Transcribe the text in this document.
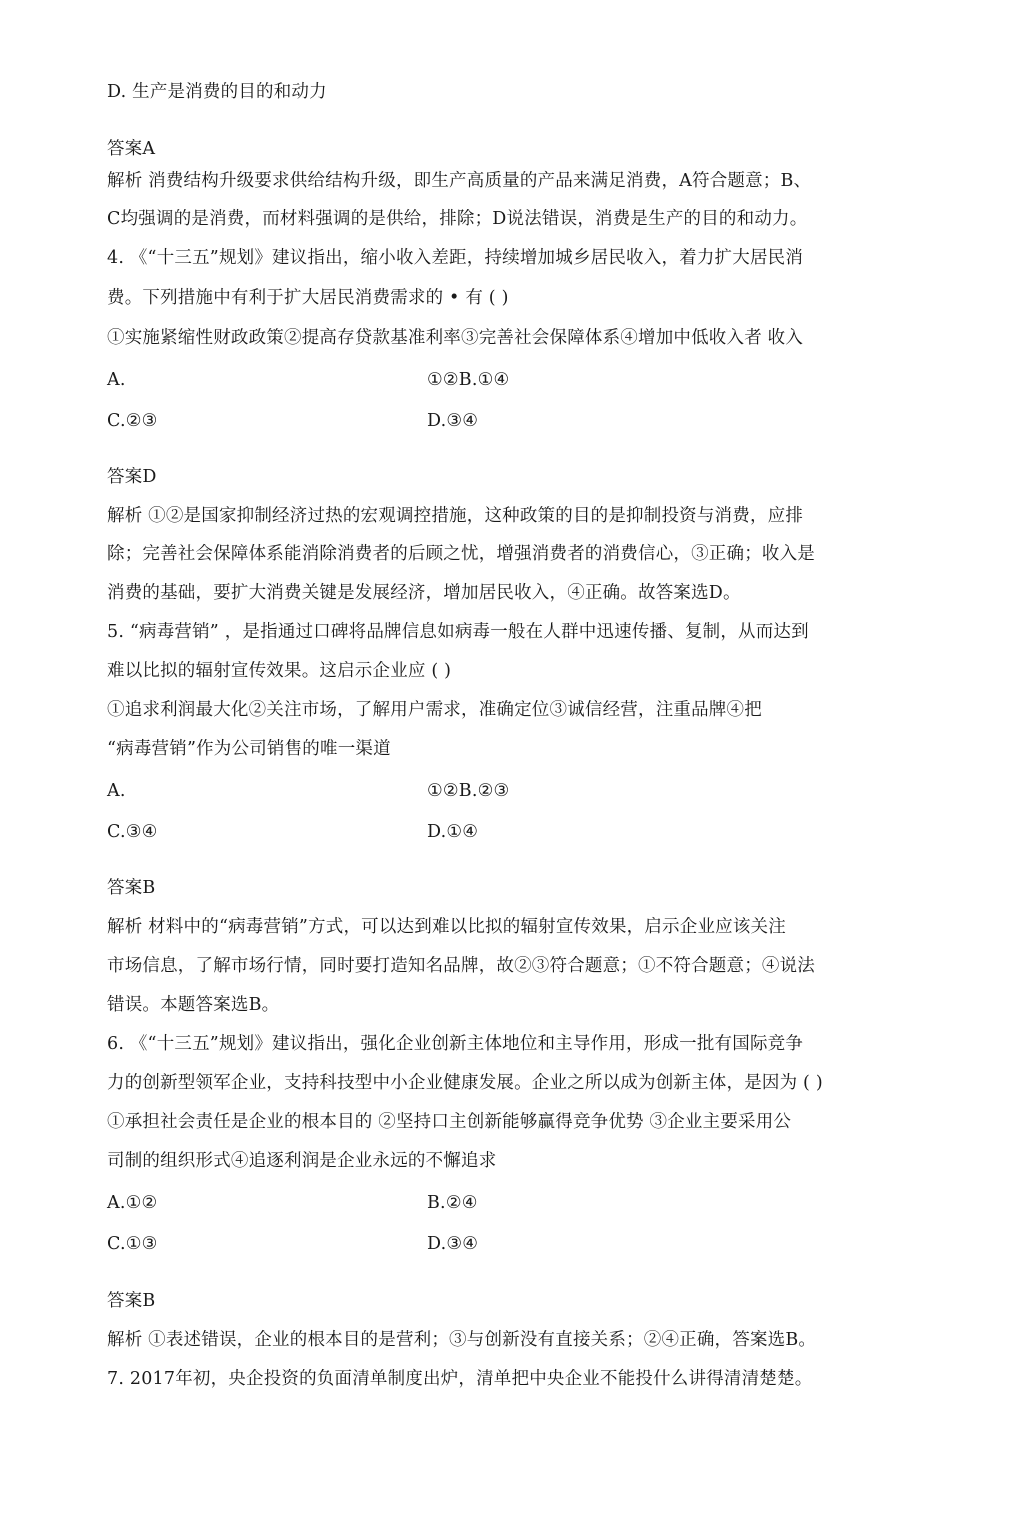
D. 生产是消费的目的和动力
答案A
解析 消费结构升级要求供给结构升级，即生产高质量的产品来满足消费，A符合题意；B、
C均强调的是消费，而材料强调的是供给，排除；D说法错误，消费是生产的目的和动力。
4. 《“十三五”规划》建议指出，缩小收入差距，持续增加城乡居民收入，着力扩大居民消
费。下列措施中有利于扩大居民消费需求的 • 有 ( )
①实施紧缩性财政政策②提高存贷款基准利率③完善社会保障体系④增加中低收入者 收入
A.	①②B.①④
C.②③	D.③④
答案D
解析 ①②是国家抑制经济过热的宏观调控措施，这种政策的目的是抑制投资与消费，应排
除；完善社会保障体系能消除消费者的后顾之忧，增强消费者的消费信心，③正确；收入是
消费的基础，要扩大消费关键是发展经济，增加居民收入，④正确。故答案选D。
5. “病毒营销” ，是指通过口碑将品牌信息如病毒一般在人群中迅速传播、复制，从而达到
难以比拟的辐射宣传效果。这启示企业应 ( )
①追求利润最大化②关注市场，了解用户需求，准确定位③诚信经营，注重品牌④把
“病毒营销”作为公司销售的唯一渠道
A.	①②B.②③
C.③④	D.①④
答案B
解析 材料中的“病毒营销”方式，可以达到难以比拟的辐射宣传效果，启示企业应该关注
市场信息，了解市场行情，同时要打造知名品牌，故②③符合题意；①不符合题意；④说法
错误。本题答案选B。
6. 《“十三五”规划》建议指出，强化企业创新主体地位和主导作用，形成一批有国际竞争
力的创新型领军企业，支持科技型中小企业健康发展。企业之所以成为创新主体，是因为 ( )
①承担社会责任是企业的根本目的 ②坚持口主创新能够赢得竞争优势 ③企业主要采用公
司制的组织形式④追逐利润是企业永远的不懈追求
A.①②	B.②④
C.①③	D.③④
答案B
解析 ①表述错误，企业的根本目的是营利；③与创新没有直接关系；②④正确，答案选B。
7. 2017年初，央企投资的负面清单制度出炉，清单把中央企业不能投什么讲得清清楚楚。
